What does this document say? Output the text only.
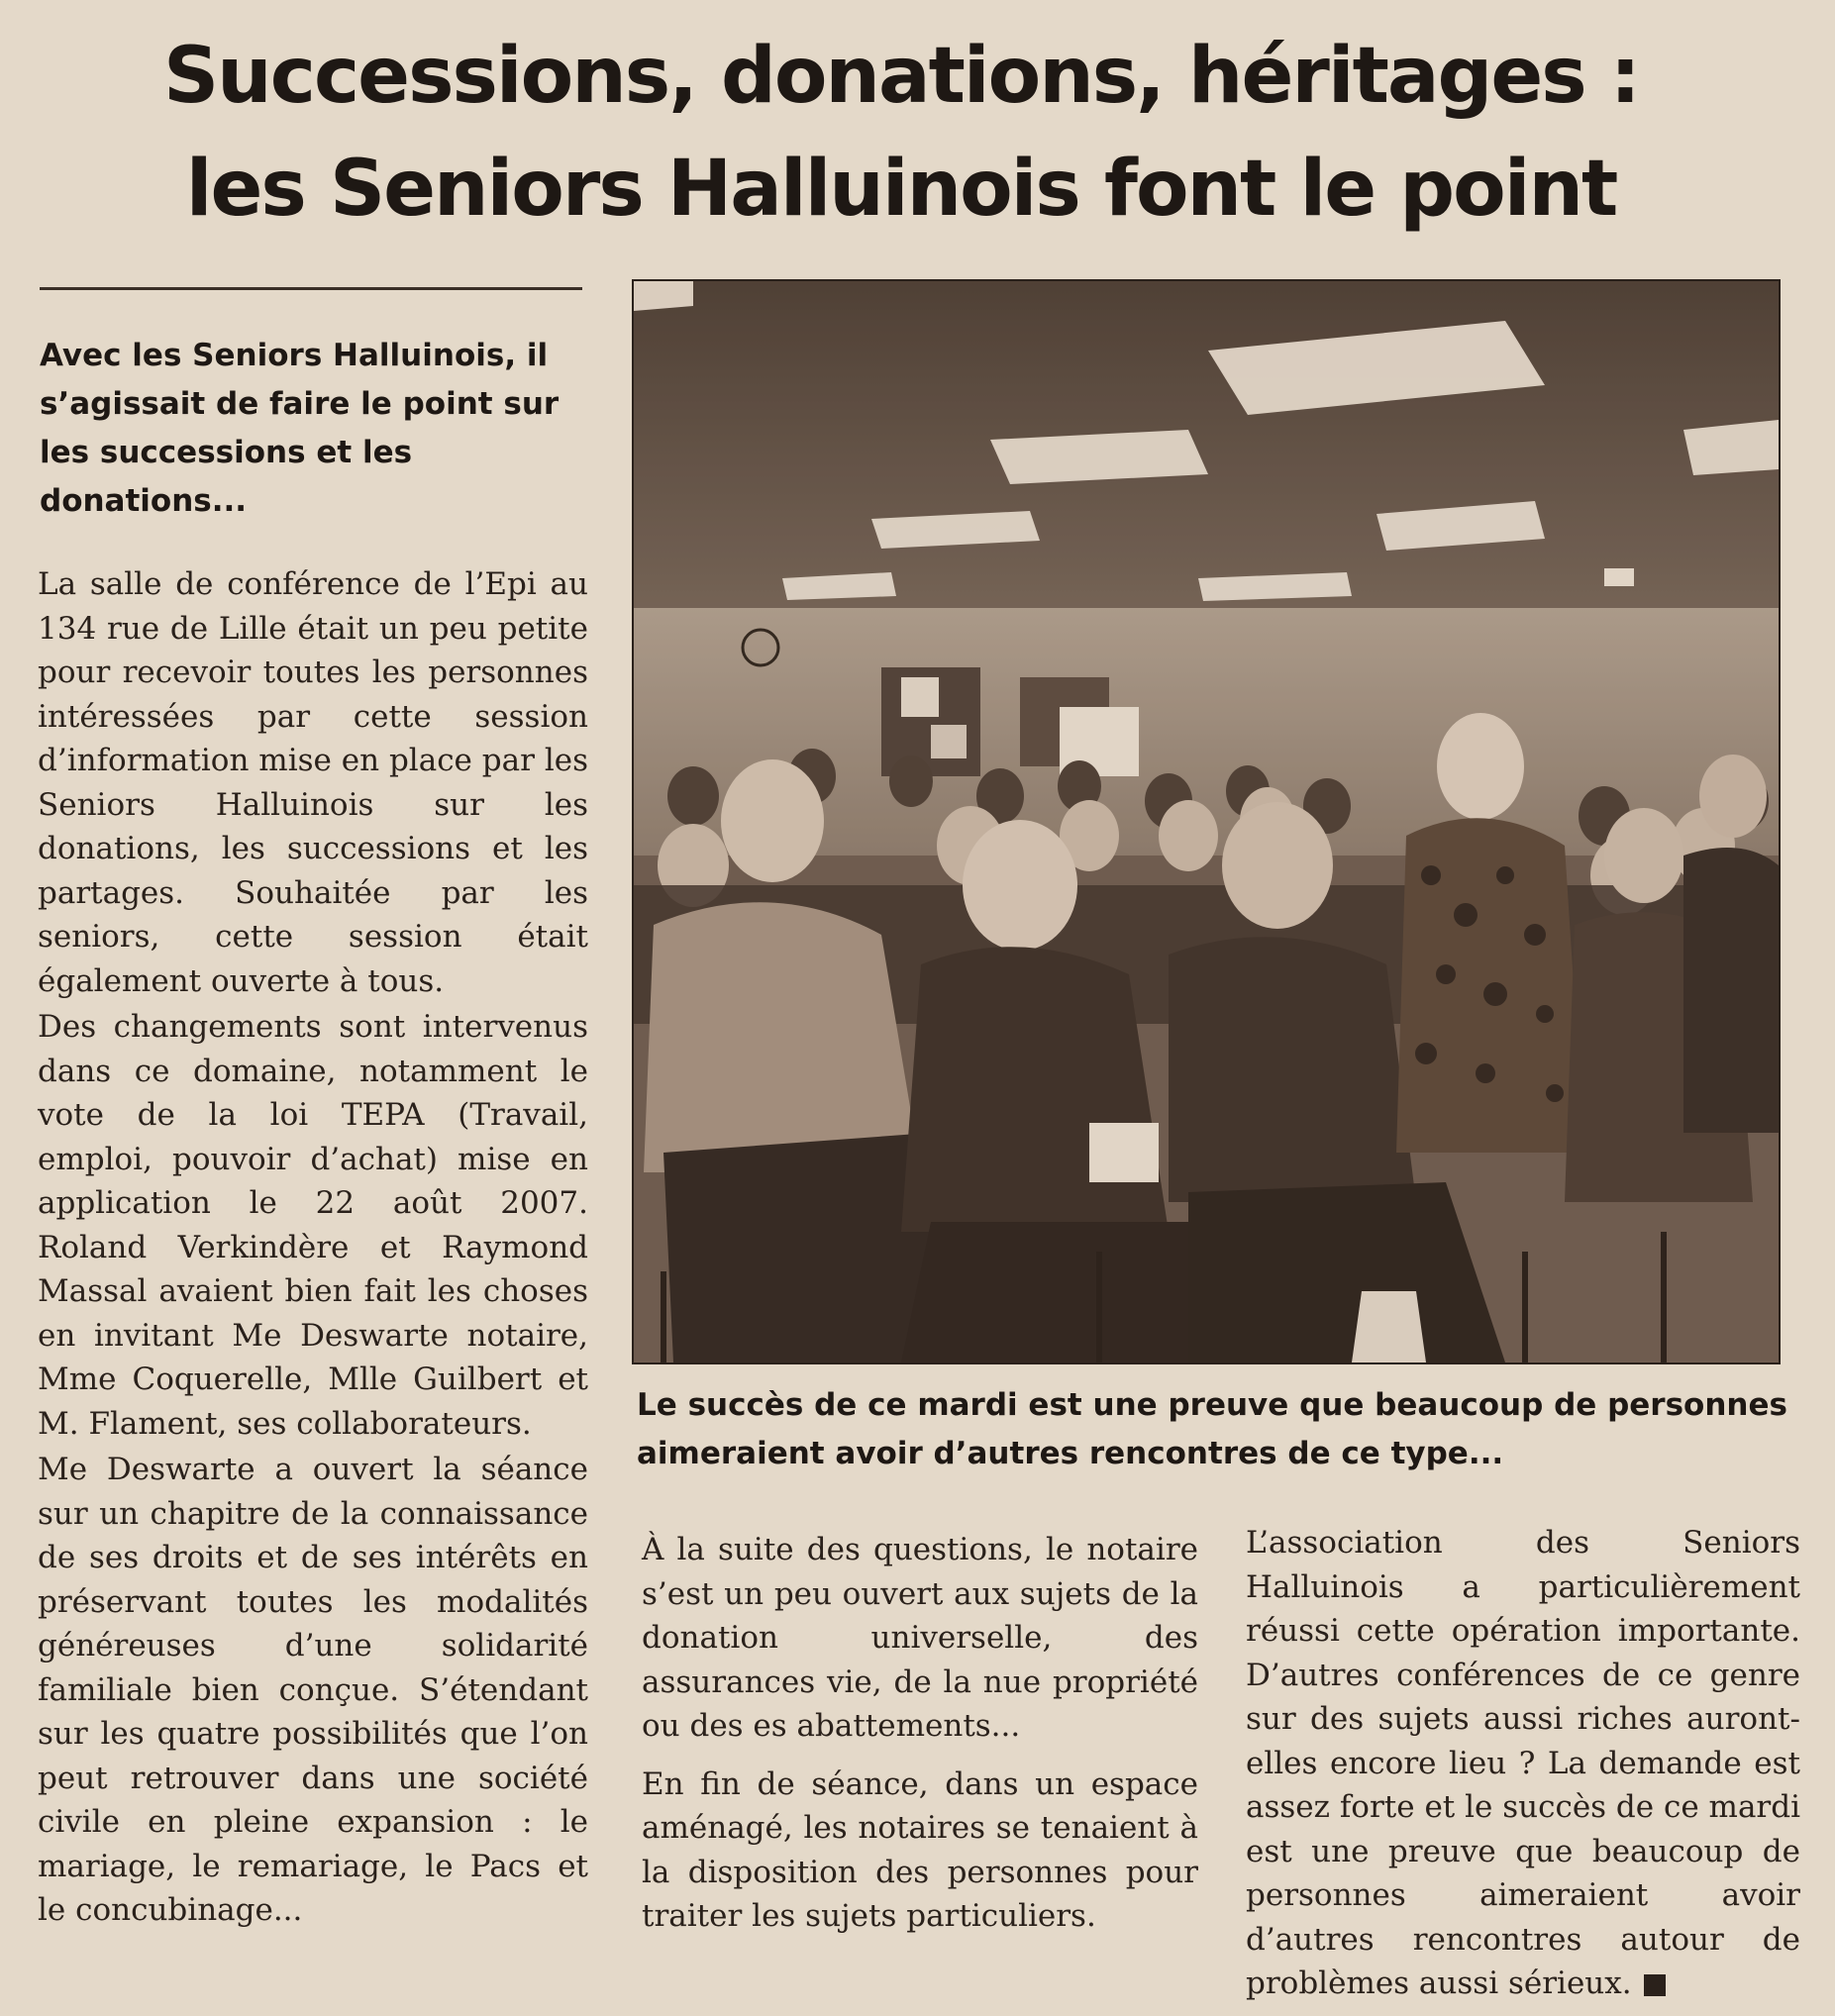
Successions, donations, héritages :
les Seniors Halluinois font le point

Avec les Seniors Halluinois, il s’agissait de faire le point sur les successions et les donations...

La salle de conférence de l’Epi au 134 rue de Lille était un peu petite pour recevoir toutes les personnes intéressées par cette session d’information mise en place par les Seniors Halluinois sur les donations, les successions et les partages. Souhaitée par les seniors, cette session était également ouverte à tous.

Des changements sont intervenus dans ce domaine, notamment le vote de la loi TEPA (Travail, emploi, pouvoir d’achat) mise en application le 22 août 2007. Roland Verkindère et Raymond Massal avaient bien fait les choses en invitant Me Deswarte notaire, Mme Coquerelle, Mlle Guilbert et M. Flament, ses collaborateurs.

Me Deswarte a ouvert la séance sur un chapitre de la connaissance de ses droits et de ses intérêts en préservant toutes les modalités généreuses d’une solidarité familiale bien conçue. S’étendant sur les quatre possibilités que l’on peut retrouver dans une société civile en pleine expansion : le mariage, le remariage, le Pacs et le concubinage...

Le succès de ce mardi est une preuve que beaucoup de personnes aimeraient avoir d’autres rencontres de ce type...

À la suite des questions, le notaire s’est un peu ouvert aux sujets de la donation universelle, des assurances vie, de la nue propriété ou des es abattements...

En fin de séance, dans un espace aménagé, les notaires se tenaient à la disposition des personnes pour traiter les sujets particuliers.

L’association des Seniors Halluinois a particulièrement réussi cette opération importante. D’autres conférences de ce genre sur des sujets aussi riches auront-elles encore lieu ? La demande est assez forte et le succès de ce mardi est une preuve que beaucoup de personnes aimeraient avoir d’autres rencontres autour de problèmes aussi sérieux.
